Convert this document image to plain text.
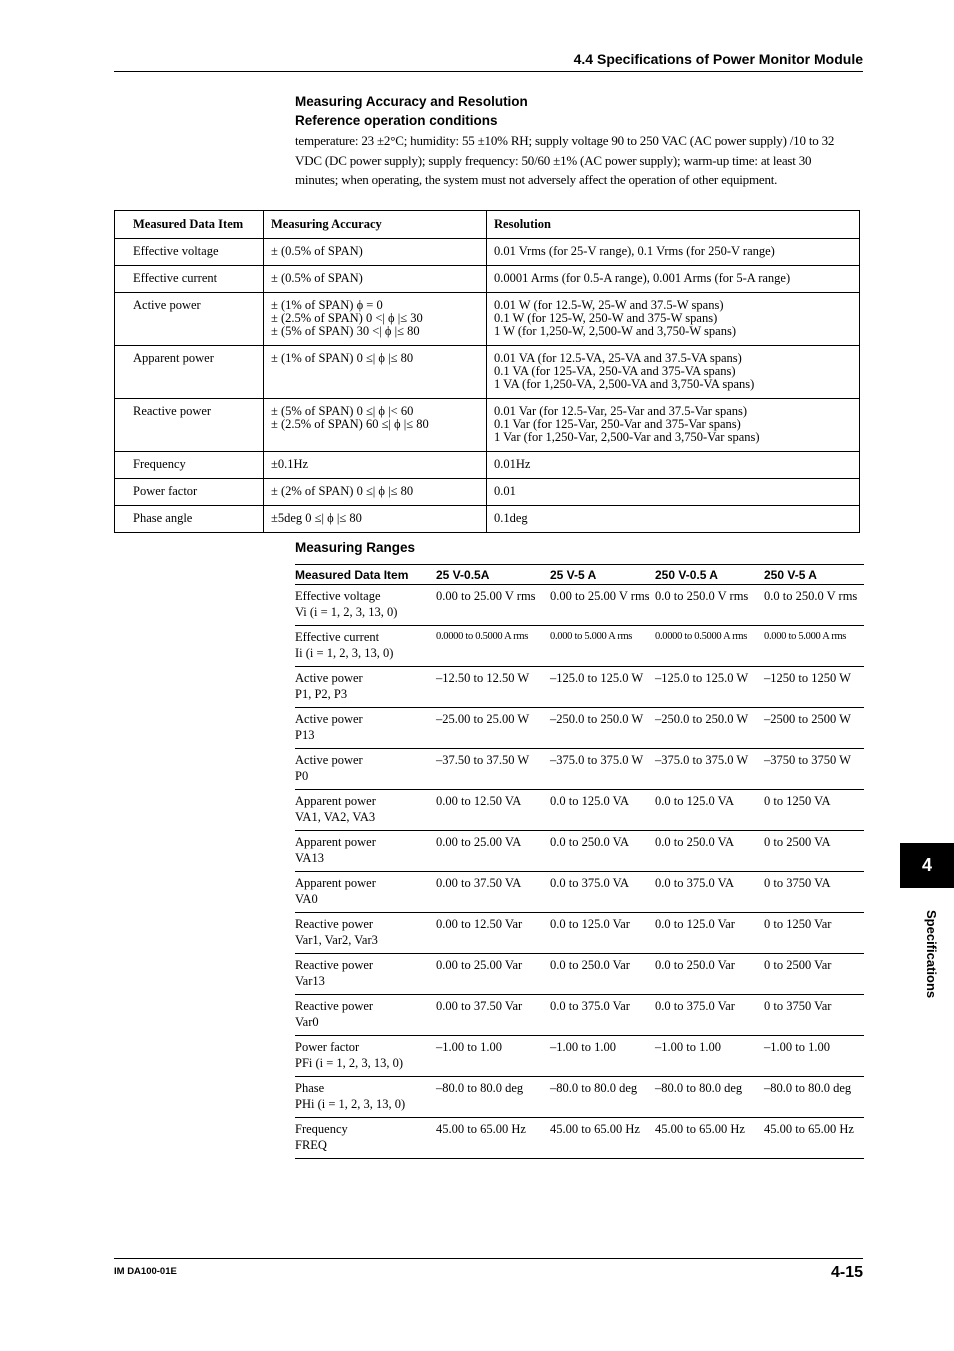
4.4 Specifications of Power Monitor Module
Measuring Accuracy and Resolution
Reference operation conditions
temperature: 23 ±2°C; humidity: 55 ±10% RH; supply voltage 90 to 250 VAC (AC power supply) /10 to 32 VDC (DC power supply); supply frequency: 50/60 ±1% (AC power supply); warm-up time: at least 30 minutes; when operating, the system must not adversely affect the operation of other equipment.
Measured Data Item	Measuring Accuracy	Resolution
Effective voltage	± (0.5% of SPAN)	0.01 Vrms (for 25-V range), 0.1 Vrms (for 250-V range)
Effective current	± (0.5% of SPAN)	0.0001 Arms (for 0.5-A range), 0.001 Arms (for 5-A range)
Active power	± (1% of SPAN) ϕ = 0
± (2.5% of SPAN) 0 <| ϕ |≤ 30
± (5% of SPAN) 30 <| ϕ |≤ 80	0.01 W (for 12.5-W, 25-W and 37.5-W spans)
0.1 W (for 125-W, 250-W and 375-W spans)
1 W (for 1,250-W, 2,500-W and 3,750-W spans)
Apparent power	± (1% of SPAN) 0 ≤| ϕ |≤ 80	0.01 VA (for 12.5-VA, 25-VA and 37.5-VA spans)
0.1 VA (for 125-VA, 250-VA and 375-VA spans)
1 VA (for 1,250-VA, 2,500-VA and 3,750-VA spans)
Reactive power	± (5% of SPAN) 0 ≤| ϕ |< 60
± (2.5% of SPAN) 60 ≤| ϕ |≤ 80	0.01 Var (for 12.5-Var, 25-Var and 37.5-Var spans)
0.1 Var (for 125-Var, 250-Var and 375-Var spans)
1 Var (for 1,250-Var, 2,500-Var and 3,750-Var spans)
Frequency	±0.1Hz	0.01Hz
Power factor	± (2% of SPAN) 0 ≤| ϕ |≤ 80	0.01
Phase angle	±5deg 0 ≤| ϕ |≤ 80	0.1deg
Measuring Ranges
Measured Data Item	25 V-0.5A	25 V-5 A	250 V-0.5 A	250 V-5 A
Effective voltage
Vi (i = 1, 2, 3, 13, 0)	0.00 to 25.00 V rms	0.00 to 25.00 V rms	0.0 to 250.0 V rms	0.0 to 250.0 V rms
Effective current
Ii (i = 1, 2, 3, 13, 0)	0.0000 to 0.5000 A rms	0.000 to 5.000 A rms	0.0000 to 0.5000 A rms	0.000 to 5.000 A rms
Active power
P1, P2, P3	–12.50 to 12.50 W	–125.0 to 125.0 W	–125.0 to 125.0 W	–1250 to 1250 W
Active power
P13	–25.00 to 25.00 W	–250.0 to 250.0 W	–250.0 to 250.0 W	–2500 to 2500 W
Active power
P0	–37.50 to 37.50 W	–375.0 to 375.0 W	–375.0 to 375.0 W	–3750 to 3750 W
Apparent power
VA1, VA2, VA3	0.00 to 12.50 VA	0.0 to 125.0 VA	0.0 to 125.0 VA	0 to 1250 VA
Apparent power
VA13	0.00 to 25.00 VA	0.0 to 250.0 VA	0.0 to 250.0 VA	0 to 2500 VA
Apparent power
VA0	0.00 to 37.50 VA	0.0 to 375.0 VA	0.0 to 375.0 VA	0 to 3750 VA
Reactive power
Var1, Var2, Var3	0.00 to 12.50 Var	0.0 to 125.0 Var	0.0 to 125.0 Var	0 to 1250 Var
Reactive power
Var13	0.00 to 25.00 Var	0.0 to 250.0 Var	0.0 to 250.0 Var	0 to 2500 Var
Reactive power
Var0	0.00 to 37.50 Var	0.0 to 375.0 Var	0.0 to 375.0 Var	0 to 3750 Var
Power factor
PFi (i = 1, 2, 3, 13, 0)	–1.00 to 1.00	–1.00 to 1.00	–1.00 to 1.00	–1.00 to 1.00
Phase
PHi (i = 1, 2, 3, 13, 0)	–80.0 to 80.0 deg	–80.0 to 80.0 deg	–80.0 to 80.0 deg	–80.0 to 80.0 deg
Frequency
FREQ	45.00 to 65.00 Hz	45.00 to 65.00 Hz	45.00 to 65.00 Hz	45.00 to 65.00 Hz
4
Specifications
IM DA100-01E	4-15
